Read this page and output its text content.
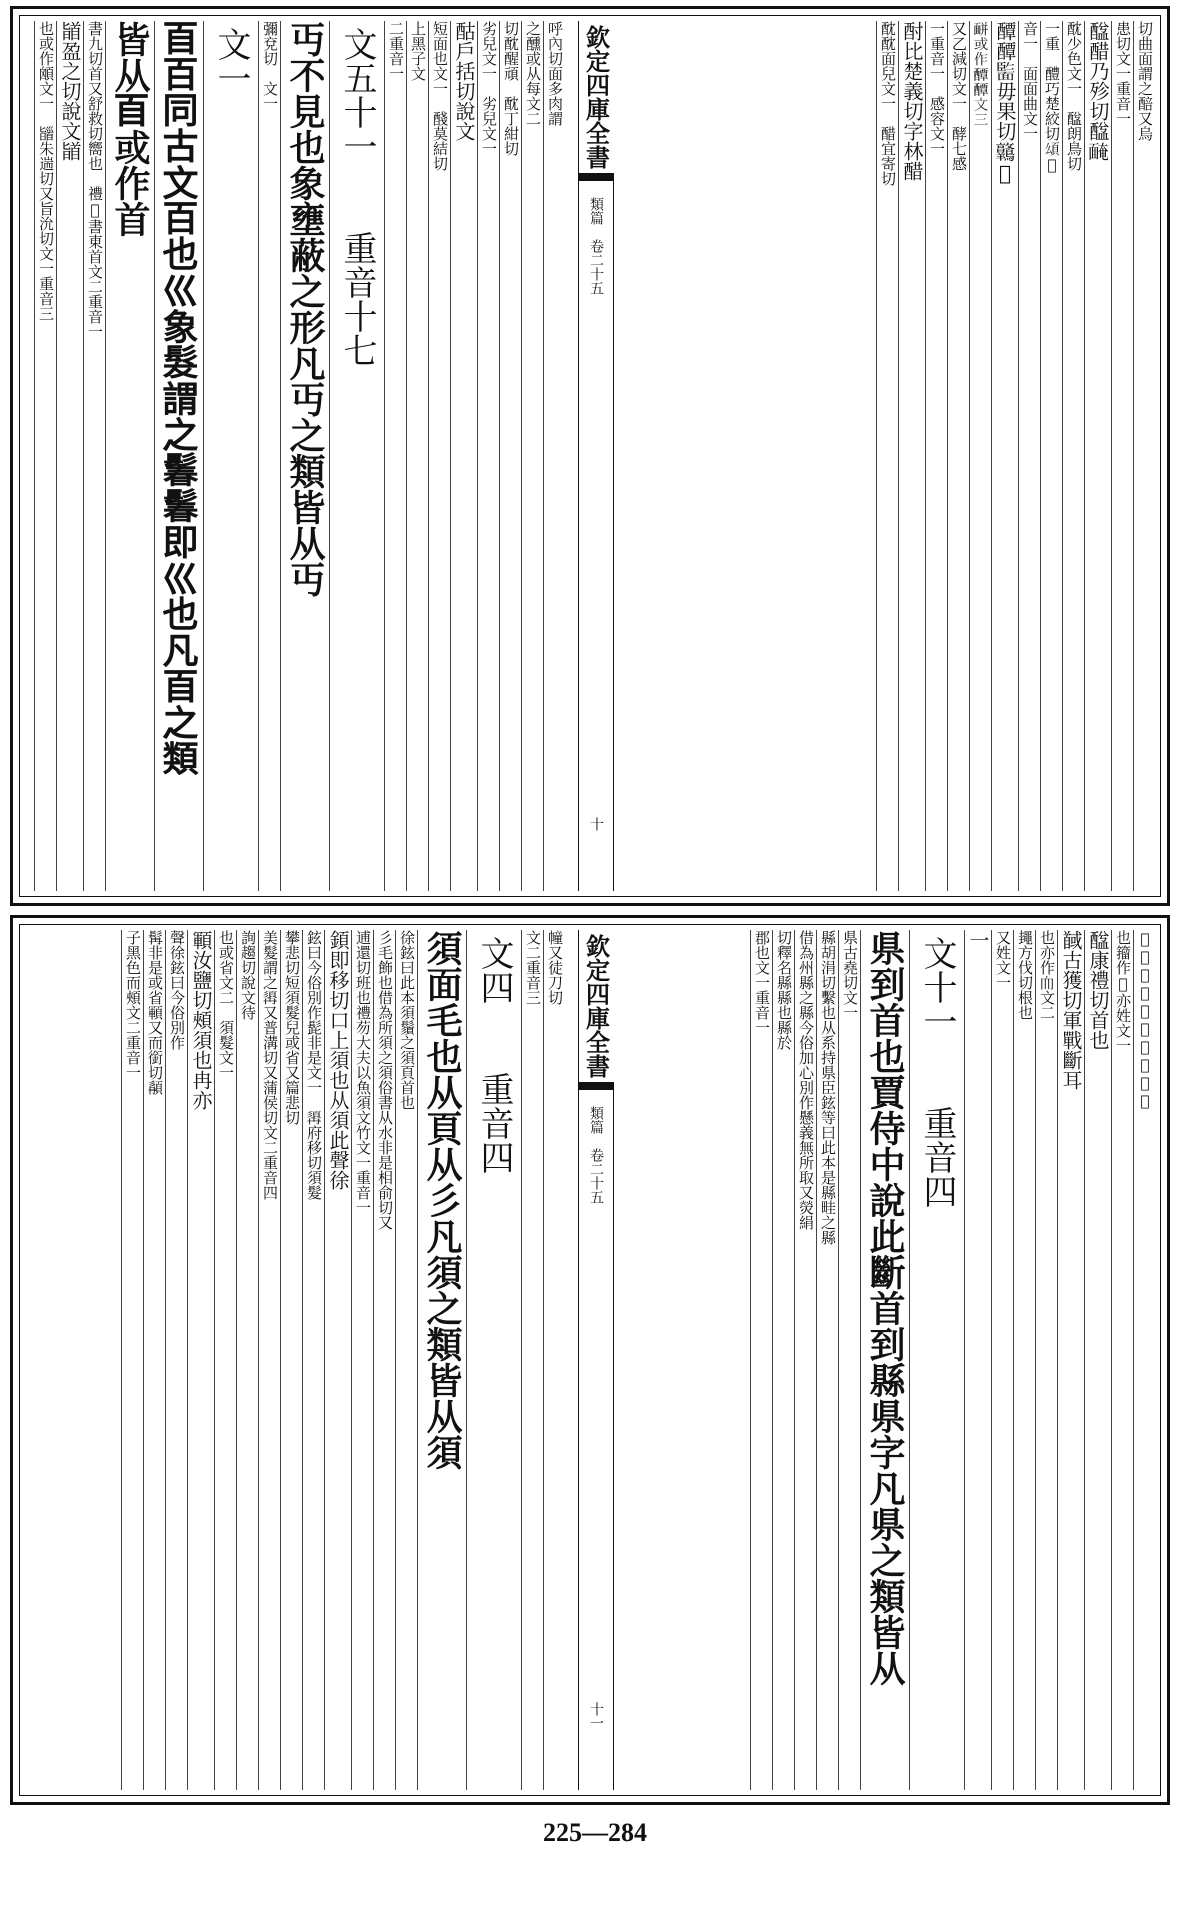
切曲面謂之醅又烏
患切文一重音一
䤈醋乃殄切䤈𩈯
酖少色文一　䤈朗鳥切
一重　醴巧楚絞切𩑑𩉴
音一　面面曲文一
醰醰𩈵毋果切𪈋𩈳
𩈚或作醰醰文三
又乙減切文一　酵七感
一重音一　感容文一
酎比楚義切字林醋
酖酖面兒文一　醋宜寄切
欽定四庫全書
類篇　卷二十五
十
呼內切面多肉謂
之醺或从每文二
切酖醒頑　酖丁紺切
劣兒文一　劣兒文一
酤戶括切說文
短面也文一　醆莫結切
上黑子文
二重音一
文五十一　　重音十七
丏不見也象壅蔽之形凡丏之類皆从丏
彌兗切　文一
文一
𦣻百同古文百也巛象髮謂之鬊鬊即巛也凡𦣻之類
皆从𦣻或作首
書九切首又舒救切嚮也　禮𥨂書東首文二重音一
䭫盈之切說文䭫
也或作䪿文一　䭬朱遄切又旨沇切文一重音三
𩠠牛𠔁切說文眷目之間
也籀作𩡋亦姓文一
䤈康禮切首也
馘古獲切軍戰斷耳
也亦作𦓐文二
䵷方伐切根也
又姓文一
一
文十一　　重音四
県到首也賈侍中說此斷首到縣県字凡県之類皆从
県古堯切文一
縣胡涓切繫也从系持県臣鉉等曰此本是縣畦之縣
借為州縣之縣今俗加心別作懸義無所取又熒絹
切釋名縣縣也縣於
郡也文一重音一
欽定四庫全書
類篇　卷二十五
十一
幢又徒刀切
文二重音三
文四　　重音四
須面毛也从頁从彡凡須之類皆从須
徐鉉曰此本須鬚之須頁首也
彡毛飾也借為所須之須俗書从水非是相俞切又
逋還切班也禮芴大夫以魚須文竹文一重音一
顉即移切口上須也从須此聲徐
鉉曰今俗別作髭非是文一　𩓾府移切須髮
攀悲切短須髮兒或省又篇悲切
美髮謂之𩓾又普溝切又蒲侯切文二重音四
詢趨切說文待
也或省文二　須髮文一
顐汝鹽切頰須也冉亦
聲徐鉉曰今俗別作
髯非是或省顐又而銜切䫇
子黑色而頰文二重音一
225—284
